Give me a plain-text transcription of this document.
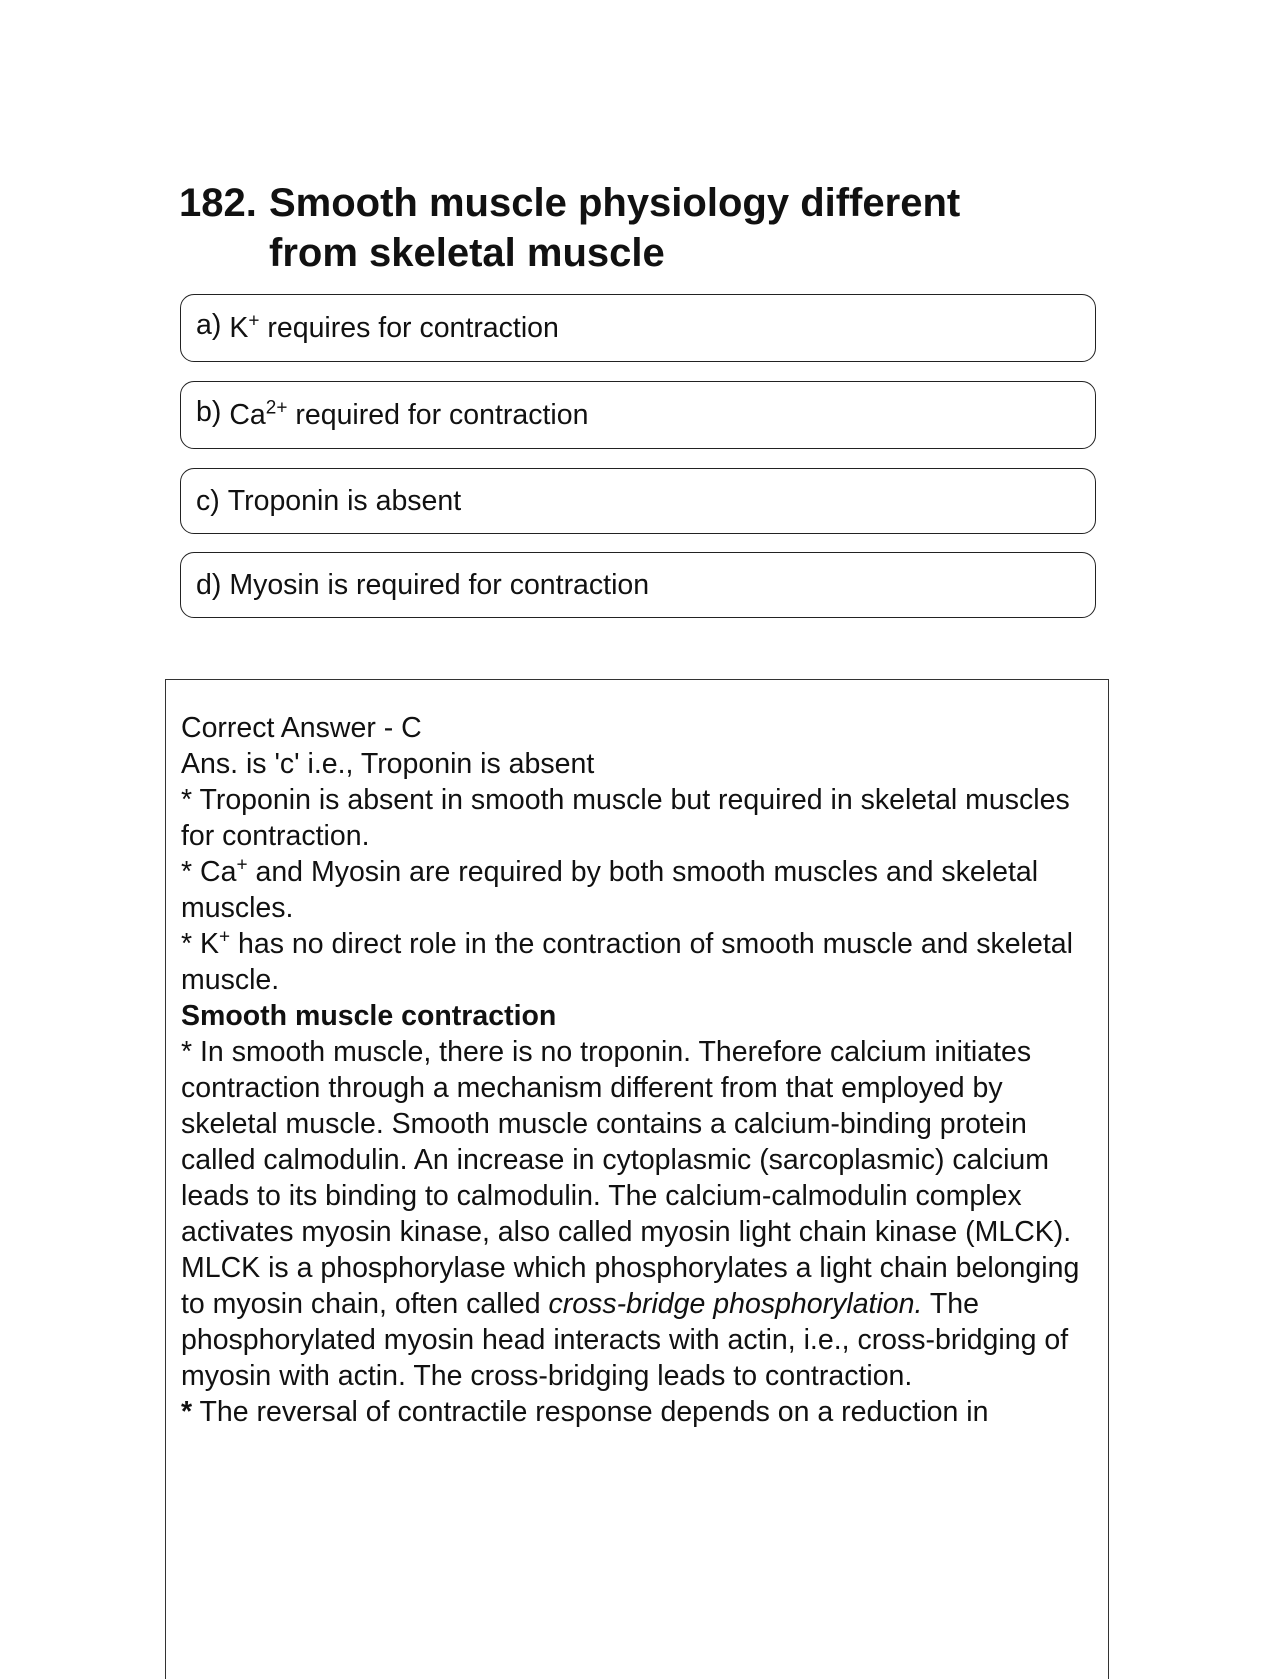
182. Smooth muscle physiology different from skeletal muscle
a) K+ requires for contraction
b) $Ca^{2+}$ required for contraction
c) Troponin is absent
d) Myosin is required for contraction

Correct Answer - C

Ans. is 'c' i.e., Troponin is absent

* Troponin is absent in smooth muscle but required in skeletal muscles for contraction.

* Ca+ and Myosin are required by both smooth muscles and skeletal muscles.

* K+ has no direct role in the contraction of smooth muscle and skeletal muscle.

Smooth muscle contraction

* In smooth muscle, there is no troponin. Therefore calcium initiates contraction through a mechanism different from that employed by skeletal muscle. Smooth muscle contains a calcium-binding protein called calmodulin. An increase in cytoplasmic (sarcoplasmic) calcium leads to its binding to calmodulin. The calcium-calmodulin complex activates myosin kinase, also called myosin light chain kinase (MLCK). MLCK is a phosphorylase which phosphorylates a light chain belonging to myosin chain, often called cross-bridge phosphorylation. The phosphorylated myosin head interacts with actin, i.e., cross-bridging of myosin with actin. The cross-bridging leads to contraction.

* The reversal of contractile response depends on a reduction in
